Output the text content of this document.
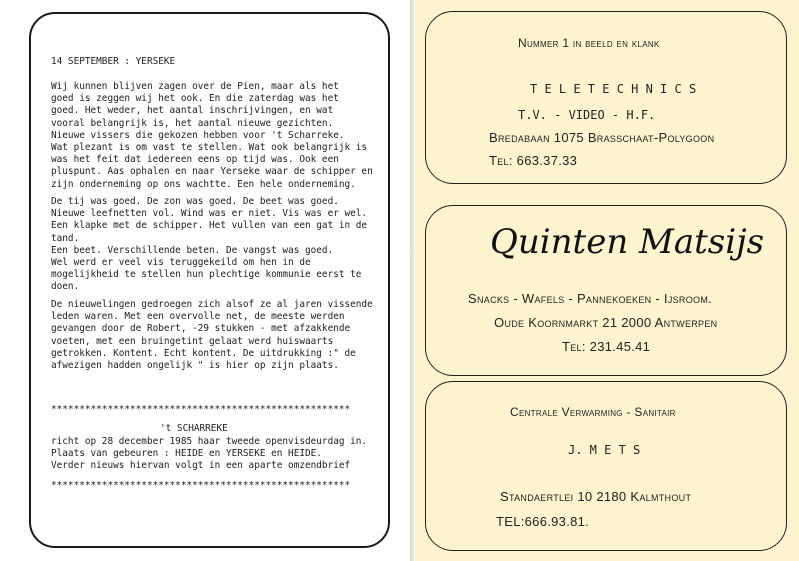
14 SEPTEMBER : YERSEKE
Wij kunnen blijven zagen over de Pien, maar als het
goed is zeggen wij het ook. En die zaterdag was het
goed. Het weder, het aantal inschrijvingen, en wat
vooral belangrijk is, het aantal nieuwe gezichten.
Nieuwe vissers die gekozen hebben voor 't Scharreke.
Wat plezant is om vast te stellen. Wat ook belangrijk is
was het feit dat iedereen eens op tijd was. Ook een
pluspunt. Aas ophalen en naar Yerseke waar de schipper en
zijn onderneming op ons wachtte. Een hele onderneming.
De tij was goed. De zon was goed. De beet was goed.
Nieuwe leefnetten vol. Wind was er niet. Vis was er wel.
Een klapke met de schipper. Het vullen van een gat in de
tand.
Een beet. Verschillende beten. De vangst was goed.
Wel werd er veel vis teruggekeild om hen in de
mogelijkheid te stellen hun plechtige kommunie eerst te
doen.
De nieuwelingen gedroegen zich alsof ze al jaren vissende
leden waren. Met een overvolle net, de meeste werden
gevangen door de Robert, -29 stukken - met afzakkende
voeten, met een bruingetint gelaat werd huiswaarts
getrokken. Kontent. Echt kontent. De uitdrukking :" de
afwezigen hadden ongelijk " is hier op zijn plaats.
*****************************************************
't SCHARREKE
richt op 28 december 1985 haar tweede openvisdeurdag in.
Plaats van gebeuren : HEIDE en YERSEKE en HEIDE.
Verder nieuws hiervan volgt in een aparte omzendbrief
*****************************************************
Nummer 1 in beeld en klank
T E L E T E C H N I C S
T.V. - VIDEO - H.F.
Bredabaan 1075 Brasschaat-Polygoon
Tel: 663.37.33
Quinten Matsijs
Snacks - Wafels - Pannekoeken - Ijsroom.
Oude Koornmarkt 21 2000 Antwerpen
Tel: 231.45.41
Centrale Verwarming - Sanitair
J. M E T S
Standaertlei 10 2180 Kalmthout
TEL:666.93.81.
